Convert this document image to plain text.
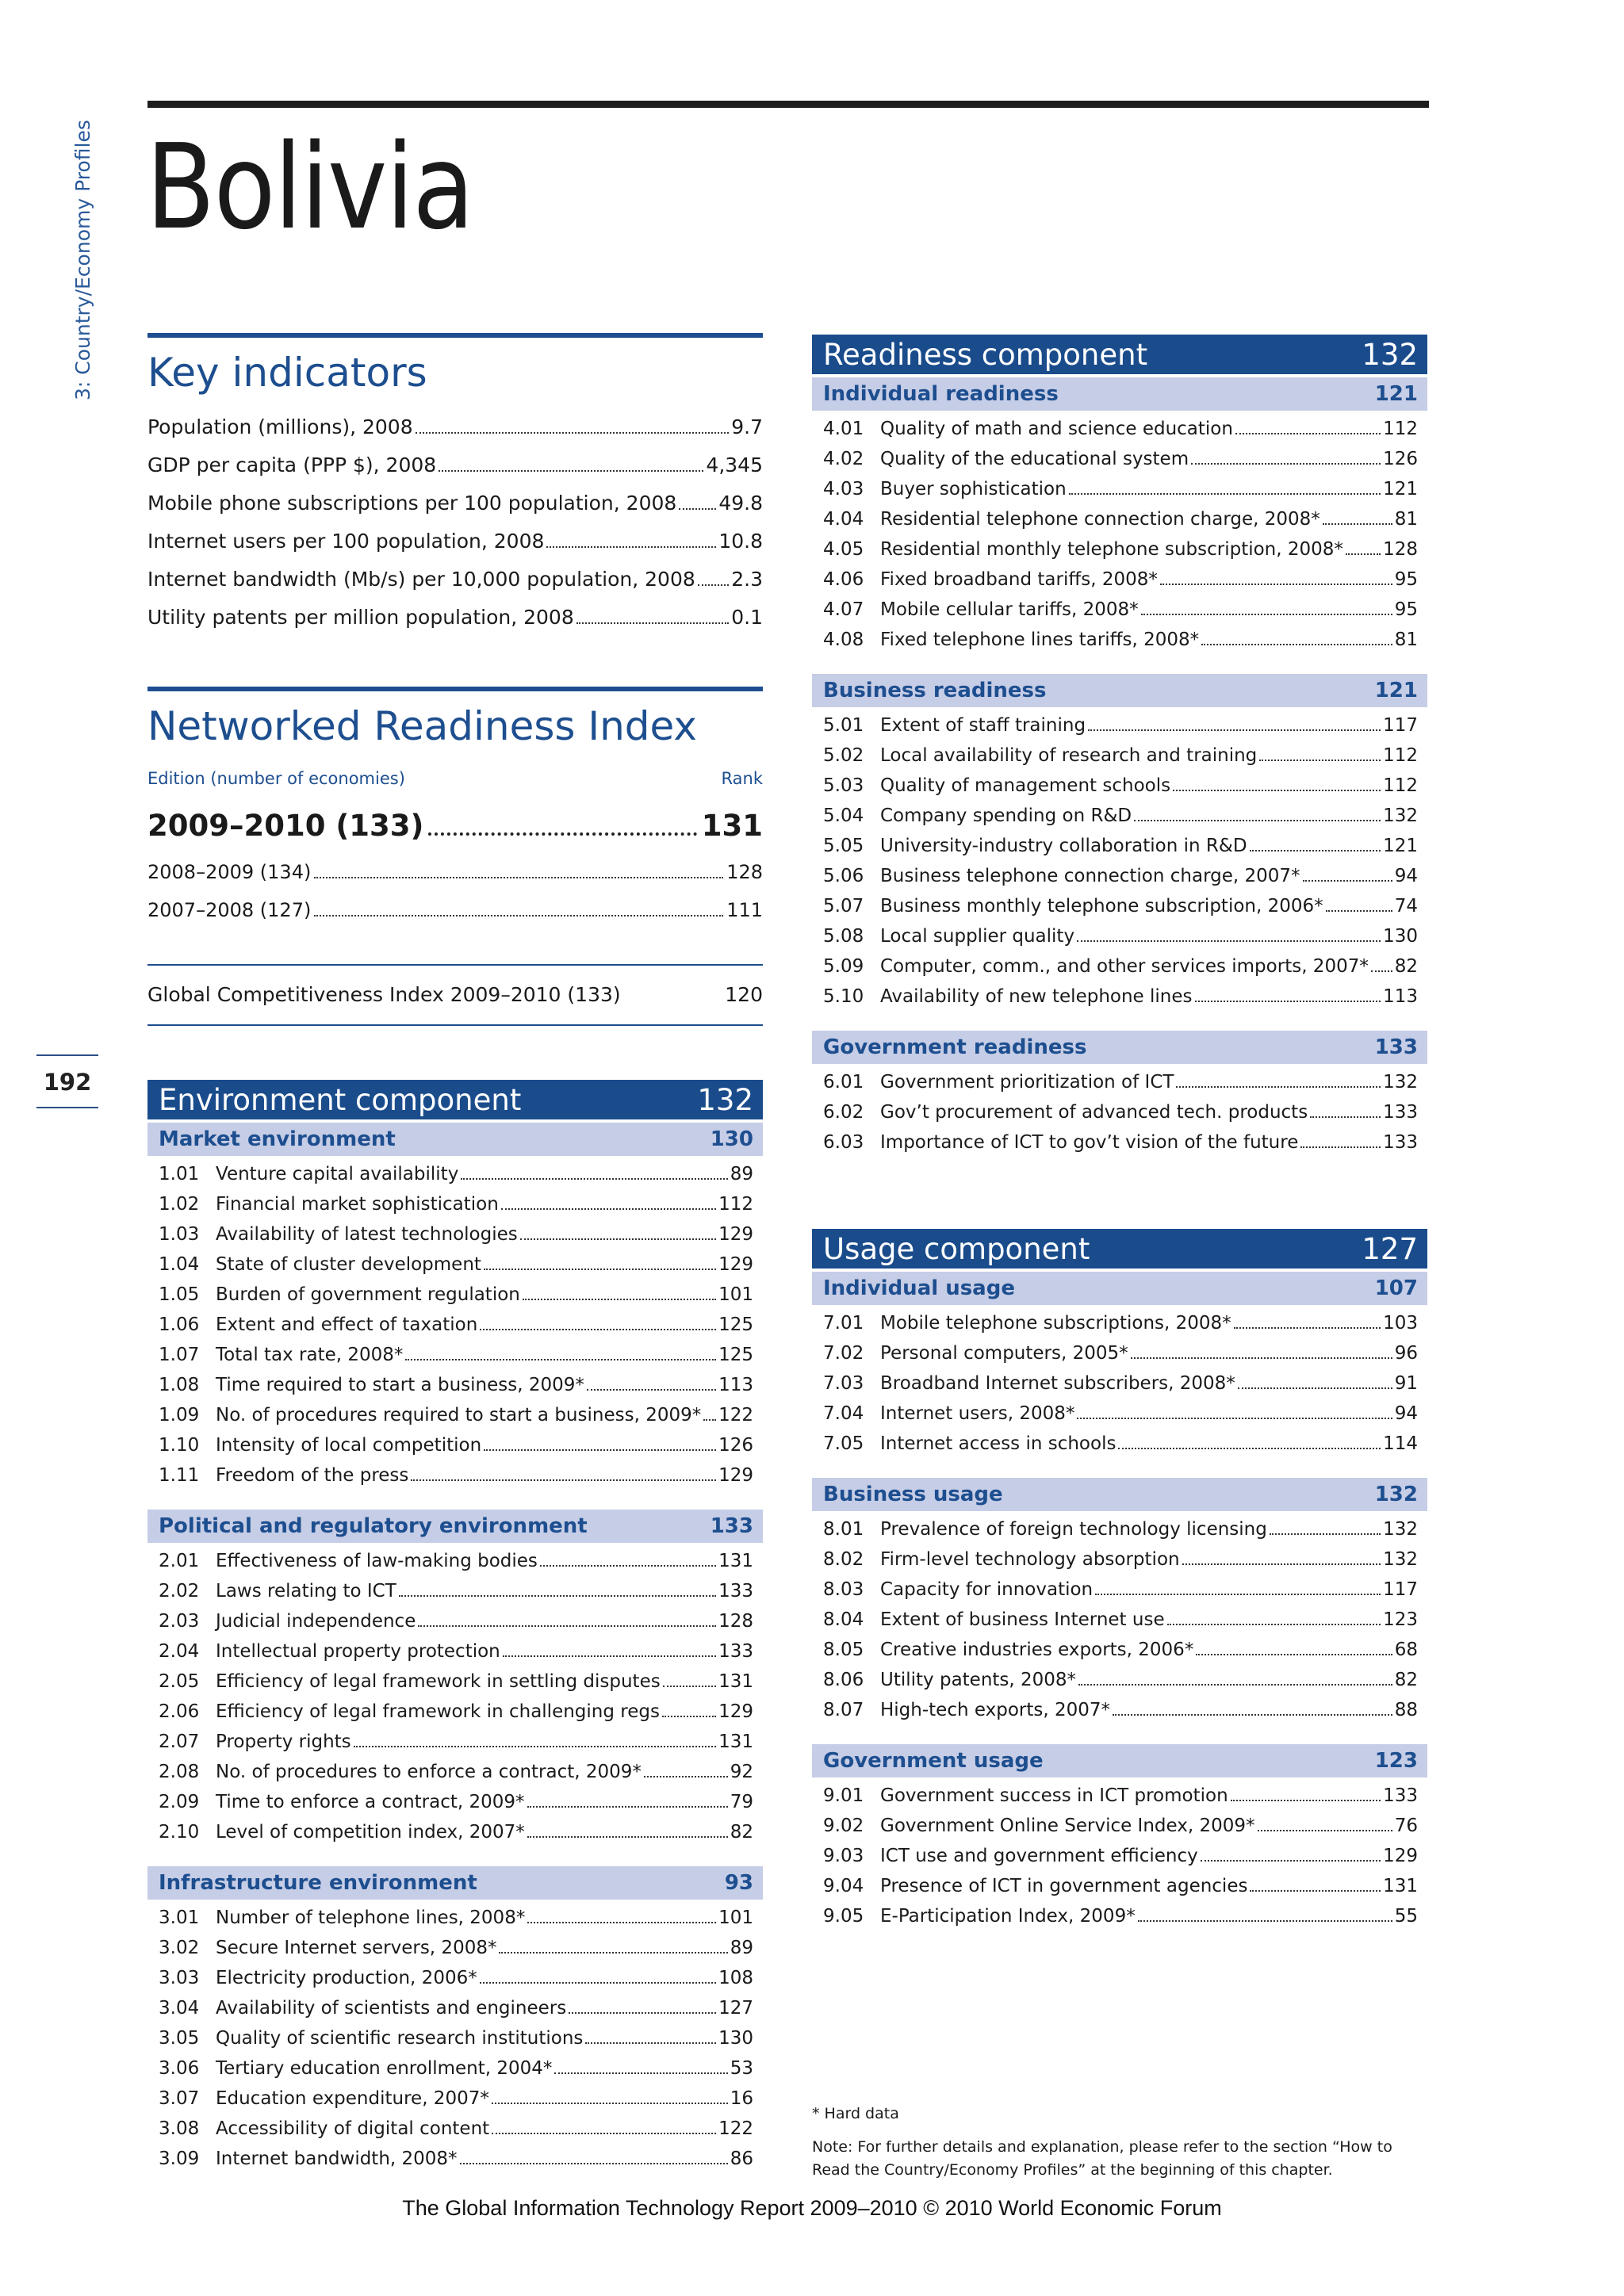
3: Country/Economy Profiles
192
Bolivia
Key indicators
Population (millions), 2008	9.7
GDP per capita (PPP $), 2008	4,345
Mobile phone subscriptions per 100 population, 2008 49.8
Internet users per 100 population, 2008	10.8
Internet bandwidth (Mb/s) per 10,000 population, 2008 2.3
Utility patents per million population, 2008	0.1
Networked Readiness Index
Edition (number of economies)	Rank
2009–2010 (133)	131
2008–2009 (134)	128
2007–2008 (127)	111
Global Competitiveness Index 2009–2010 (133)	120
Environment component	132
Market environment	130
1.01 Venture capital availability	89
1.02 Financial market sophistication	112
1.03 Availability of latest technologies	129
1.04 State of cluster development	129
1.05 Burden of government regulation	101
1.06 Extent and effect of taxation	125
1.07 Total tax rate, 2008*	125
1.08 Time required to start a business, 2009*	113
1.09 No. of procedures required to start a business, 2009* 122
1.10 Intensity of local competition	126
1.11 Freedom of the press	129
Political and regulatory environment	133
2.01 Effectiveness of law-making bodies	131
2.02 Laws relating to ICT	133
2.03 Judicial independence	128
2.04 Intellectual property protection	133
2.05 Efficiency of legal framework in settling disputes	131
2.06 Efficiency of legal framework in challenging regs	129
2.07 Property rights	131
2.08 No. of procedures to enforce a contract, 2009*	92
2.09 Time to enforce a contract, 2009*	79
2.10 Level of competition index, 2007*	82
Infrastructure environment	93
3.01 Number of telephone lines, 2008*	101
3.02 Secure Internet servers, 2008*	89
3.03 Electricity production, 2006*	108
3.04 Availability of scientists and engineers	127
3.05 Quality of scientific research institutions	130
3.06 Tertiary education enrollment, 2004*	53
3.07 Education expenditure, 2007*	16
3.08 Accessibility of digital content	122
3.09 Internet bandwidth, 2008*	86
Readiness component	132
Individual readiness	121
4.01 Quality of math and science education	112
4.02 Quality of the educational system	126
4.03 Buyer sophistication	121
4.04 Residential telephone connection charge, 2008*	81
4.05 Residential monthly telephone subscription, 2008* 128
4.06 Fixed broadband tariffs, 2008*	95
4.07 Mobile cellular tariffs, 2008*	95
4.08 Fixed telephone lines tariffs, 2008*	81
Business readiness	121
5.01 Extent of staff training	117
5.02 Local availability of research and training	112
5.03 Quality of management schools	112
5.04 Company spending on R&D	132
5.05 University-industry collaboration in R&D	121
5.06 Business telephone connection charge, 2007*	94
5.07 Business monthly telephone subscription, 2006*	74
5.08 Local supplier quality	130
5.09 Computer, comm., and other services imports, 2007* 82
5.10 Availability of new telephone lines	113
Government readiness	133
6.01 Government prioritization of ICT	132
6.02 Gov’t procurement of advanced tech. products	133
6.03 Importance of ICT to gov’t vision of the future	133
Usage component	127
Individual usage	107
7.01 Mobile telephone subscriptions, 2008*	103
7.02 Personal computers, 2005*	96
7.03 Broadband Internet subscribers, 2008*	91
7.04 Internet users, 2008*	94
7.05 Internet access in schools	114
Business usage	132
8.01 Prevalence of foreign technology licensing	132
8.02 Firm-level technology absorption	132
8.03 Capacity for innovation	117
8.04 Extent of business Internet use	123
8.05 Creative industries exports, 2006*	68
8.06 Utility patents, 2008*	82
8.07 High-tech exports, 2007*	88
Government usage	123
9.01 Government success in ICT promotion	133
9.02 Government Online Service Index, 2009*	76
9.03 ICT use and government efficiency	129
9.04 Presence of ICT in government agencies	131
9.05 E-Participation Index, 2009*	55
* Hard data
Note: For further details and explanation, please refer to the section “How to
Read the Country/Economy Profiles” at the beginning of this chapter.
The Global Information Technology Report 2009–2010 © 2010 World Economic Forum
